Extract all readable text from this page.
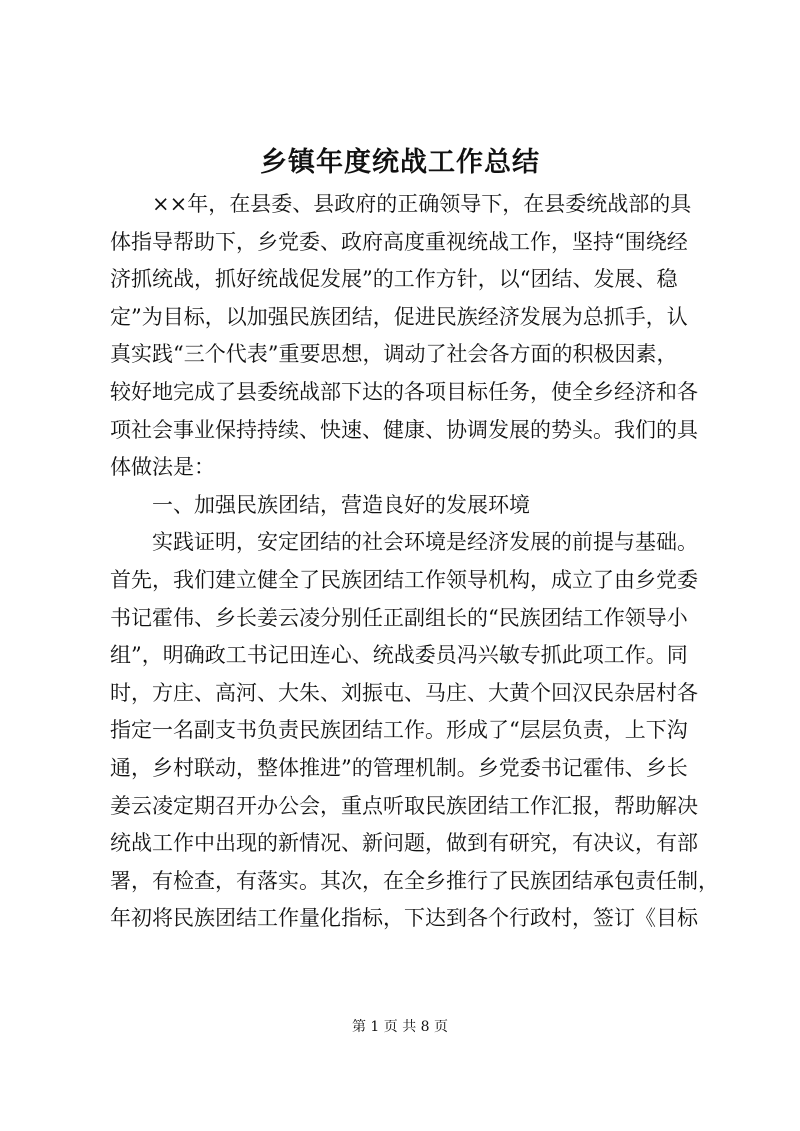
乡镇年度统战工作总结
××年，在县委、县政府的正确领导下，在县委统战部的具
体指导帮助下，乡党委、政府高度重视统战工作，坚持“围绕经
济抓统战，抓好统战促发展”的工作方针，以“团结、发展、稳
定”为目标，以加强民族团结，促进民族经济发展为总抓手，认
真实践“三个代表”重要思想，调动了社会各方面的积极因素，
较好地完成了县委统战部下达的各项目标任务，使全乡经济和各
项社会事业保持持续、快速、健康、协调发展的势头。我们的具
体做法是：
一、加强民族团结，营造良好的发展环境
实践证明，安定团结的社会环境是经济发展的前提与基础。
首先，我们建立健全了民族团结工作领导机构，成立了由乡党委
书记霍伟、乡长姜云凌分别任正副组长的“民族团结工作领导小
组”，明确政工书记田连心、统战委员冯兴敏专抓此项工作。同
时，方庄、高河、大朱、刘振屯、马庄、大黄个回汉民杂居村各
指定一名副支书负责民族团结工作。形成了“层层负责，上下沟
通，乡村联动，整体推进”的管理机制。乡党委书记霍伟、乡长
姜云凌定期召开办公会，重点听取民族团结工作汇报，帮助解决
统战工作中出现的新情况、新问题，做到有研究，有决议，有部
署，有检查，有落实。其次，在全乡推行了民族团结承包责任制，
年初将民族团结工作量化指标，下达到各个行政村，签订《目标
第 1 页 共 8 页
